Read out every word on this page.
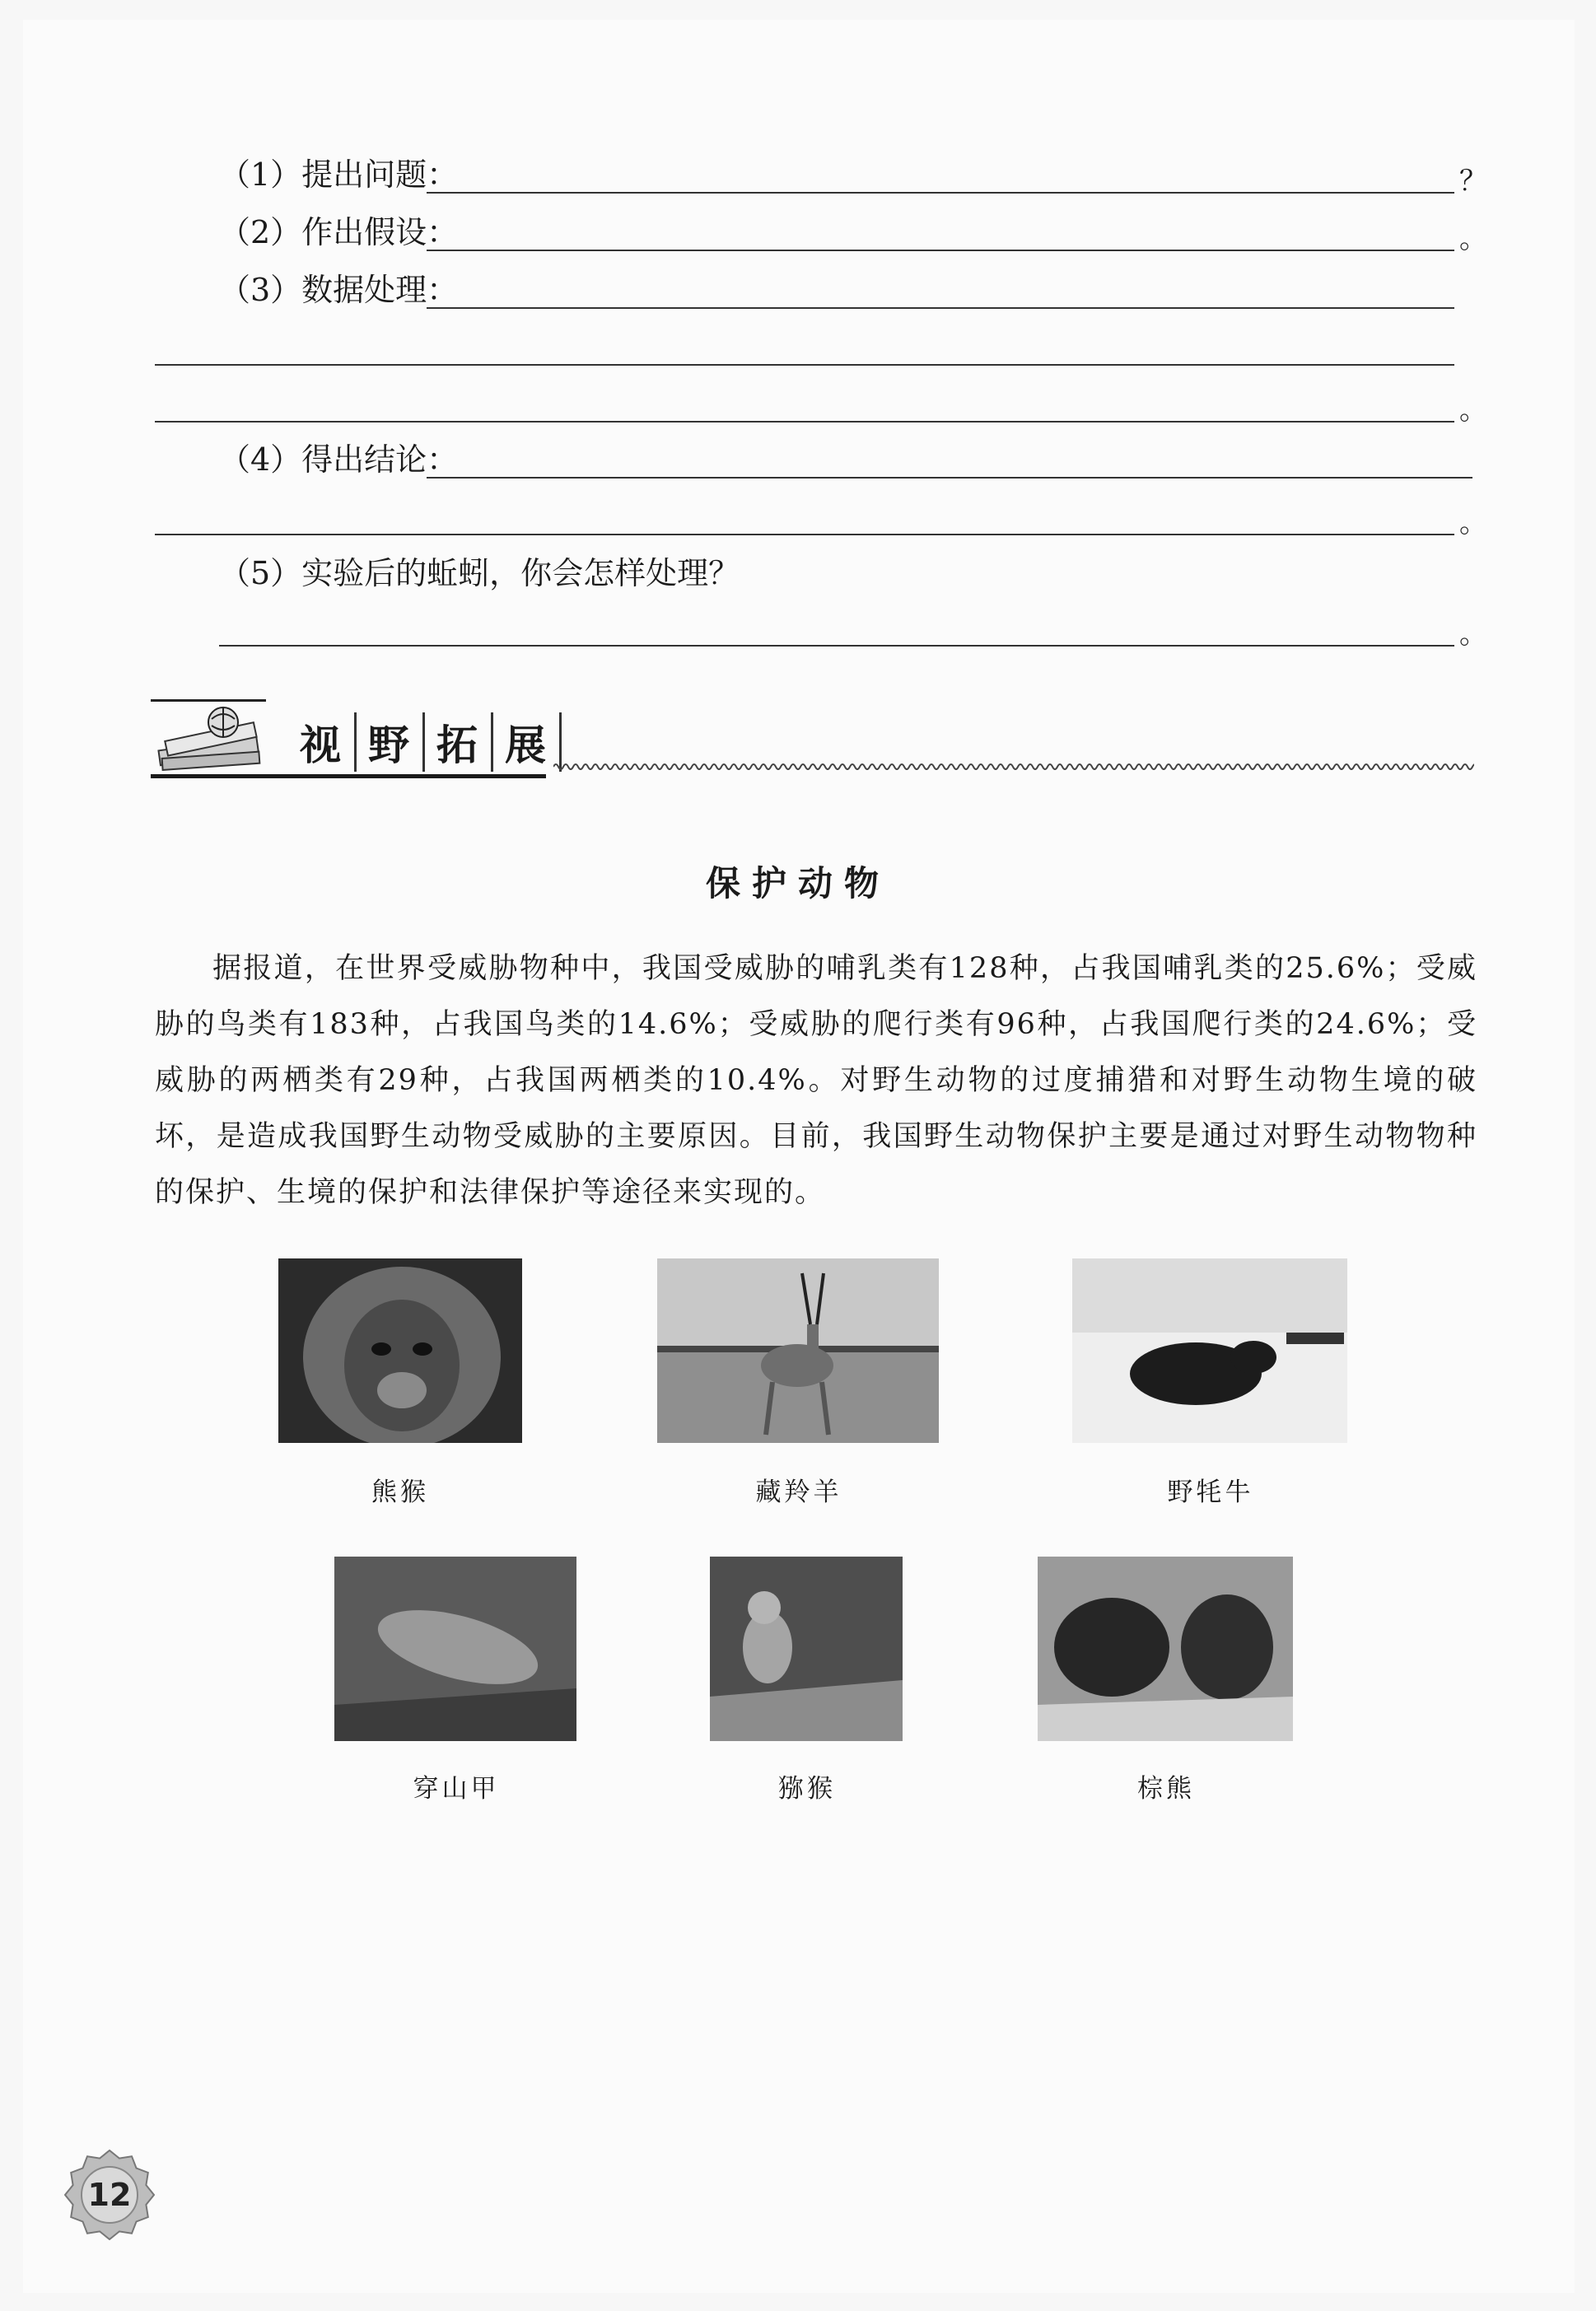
（1）提出问题：	？
（2）作出假设：	。
（3）数据处理：
。
（4）得出结论：
。
（5）实验后的蚯蚓，你会怎样处理？
。
视 野 拓 展
保护动物
据报道，在世界受威胁物种中，我国受威胁的哺乳类有128种，占我国哺乳类的25.6%；受威胁的鸟类有183种，占我国鸟类的14.6%；受威胁的爬行类有96种，占我国爬行类的24.6%；受威胁的两栖类有29种，占我国两栖类的10.4%。对野生动物的过度捕猎和对野生动物生境的破坏，是造成我国野生动物受威胁的主要原因。目前，我国野生动物保护主要是通过对野生动物物种的保护、生境的保护和法律保护等途径来实现的。
熊猴	藏羚羊	野牦牛
穿山甲	猕猴	棕熊
12
